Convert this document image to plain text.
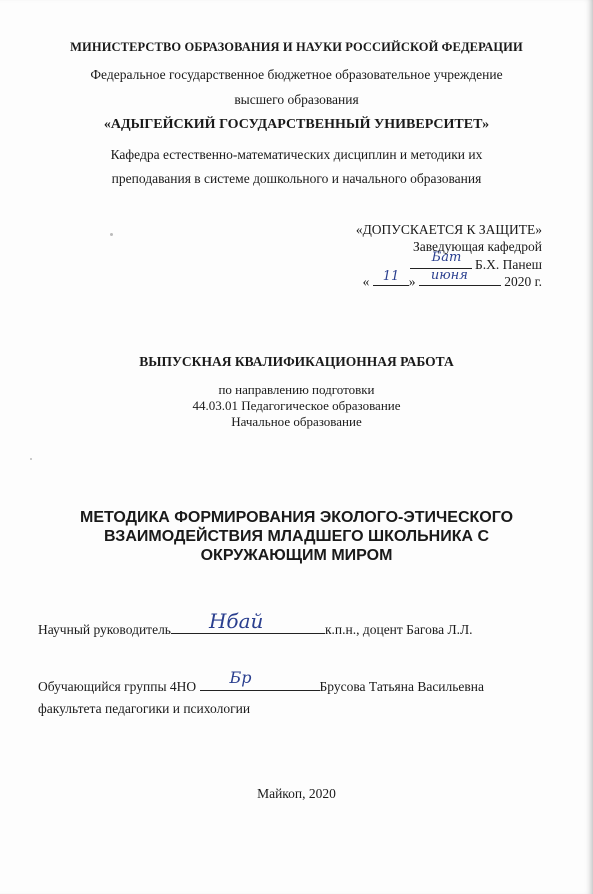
МИНИСТЕРСТВО ОБРАЗОВАНИЯ И НАУКИ РОССИЙСКОЙ ФЕДЕРАЦИИ
Федеральное государственное бюджетное образовательное учреждение
высшего образования
«АДЫГЕЙСКИЙ ГОСУДАРСТВЕННЫЙ УНИВЕРСИТЕТ»
Кафедра естественно-математических дисциплин и методики их
преподавания в системе дошкольного и начального образования
«ДОПУСКАЕТСЯ К ЗАЩИТЕ»
Заведующая кафедрой
Бат Б.Х. Панеш
« 11 » июня	2020 г.
ВЫПУСКНАЯ КВАЛИФИКАЦИОННАЯ РАБОТА
по направлению подготовки
44.03.01 Педагогическое образование
Начальное образование
МЕТОДИКА ФОРМИРОВАНИЯ ЭКОЛОГО-ЭТИЧЕСКОГО
ВЗАИМОДЕЙСТВИЯ МЛАДШЕГО ШКОЛЬНИКА С
ОКРУЖАЮЩИМ МИРОМ
Научный руководитель Нбай	к.п.н., доцент Багова Л.Л.
Обучающийся группы 4НО Бр	Брусова Татьяна Васильевна
факультета педагогики и психологии
Майкоп, 2020
